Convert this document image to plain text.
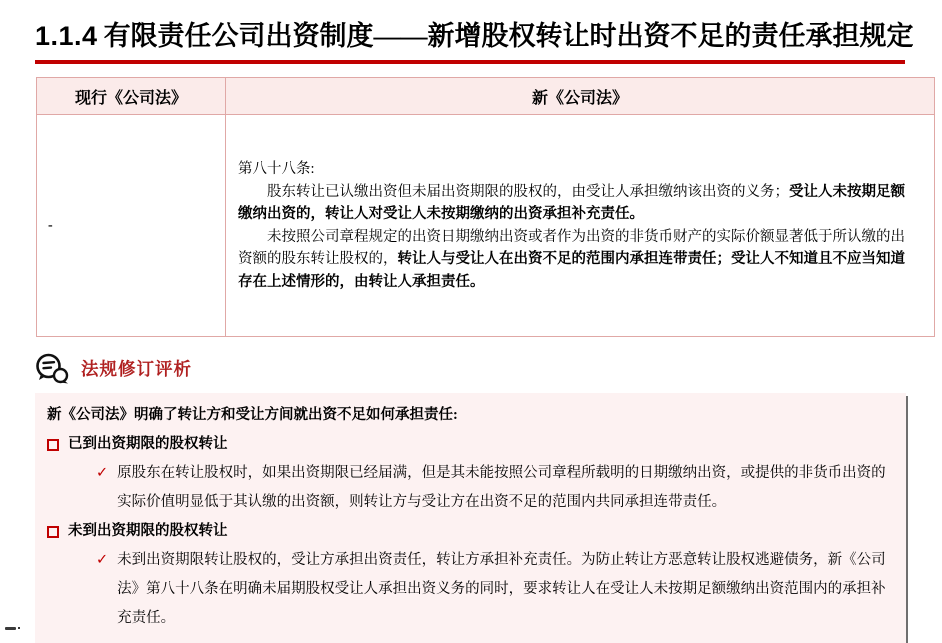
1.1.4 有限责任公司出资制度——新增股权转让时出资不足的责任承担规定
现行《公司法》	新《公司法》
-	第八十八条:

股东转让已认缴出资但未届出资期限的股权的，由受让人承担缴纳该出资的义务；受让人未按期足额缴纳出资的，转让人对受让人未按期缴纳的出资承担补充责任。

未按照公司章程规定的出资日期缴纳出资或者作为出资的非货币财产的实际价额显著低于所认缴的出资额的股东转让股权的，转让人与受让人在出资不足的范围内承担连带责任；受让人不知道且不应当知道存在上述情形的，由转让人承担责任。

法规修订评析

新《公司法》明确了转让方和受让方间就出资不足如何承担责任:

已到出资期限的股权转让
✓ 原股东在转让股权时，如果出资期限已经届满，但是其未能按照公司章程所载明的日期缴纳出资，或提供的非货币出资的实际价值明显低于其认缴的出资额，则转让方与受让方在出资不足的范围内共同承担连带责任。
未到出资期限的股权转让
✓ 未到出资期限转让股权的，受让方承担出资责任，转让方承担补充责任。为防止转让方恶意转让股权逃避债务，新《公司法》第八十八条在明确未届期股权受让人承担出资义务的同时，要求转让人在受让人未按期足额缴纳出资范围内的承担补充责任。
